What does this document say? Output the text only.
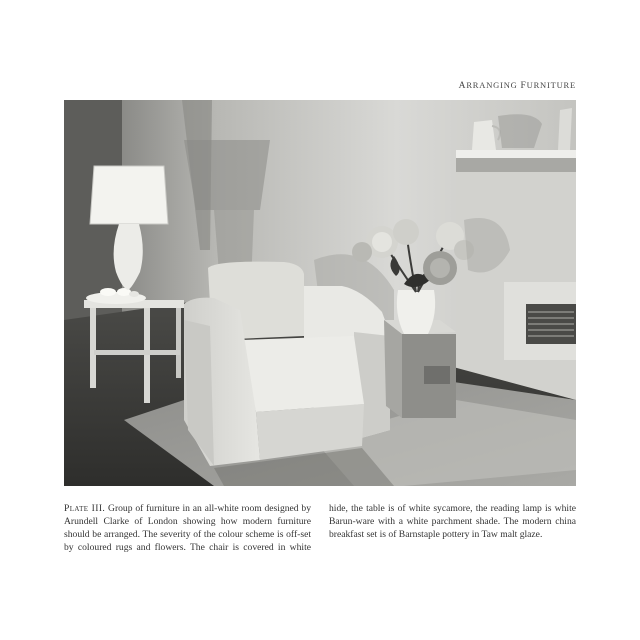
ARRANGING FURNITURE
Plate III. Group of furniture in an all-white room designed by Arundell Clarke of London showing how modern furniture should be arranged. The severity of the colour scheme is off-set by coloured rugs and flowers. The chair is covered in white hide, the table is of white sycamore, the reading lamp is white Barun-ware with a white parchment shade. The modern china breakfast set is of Barnstaple pottery in Taw malt glaze.
